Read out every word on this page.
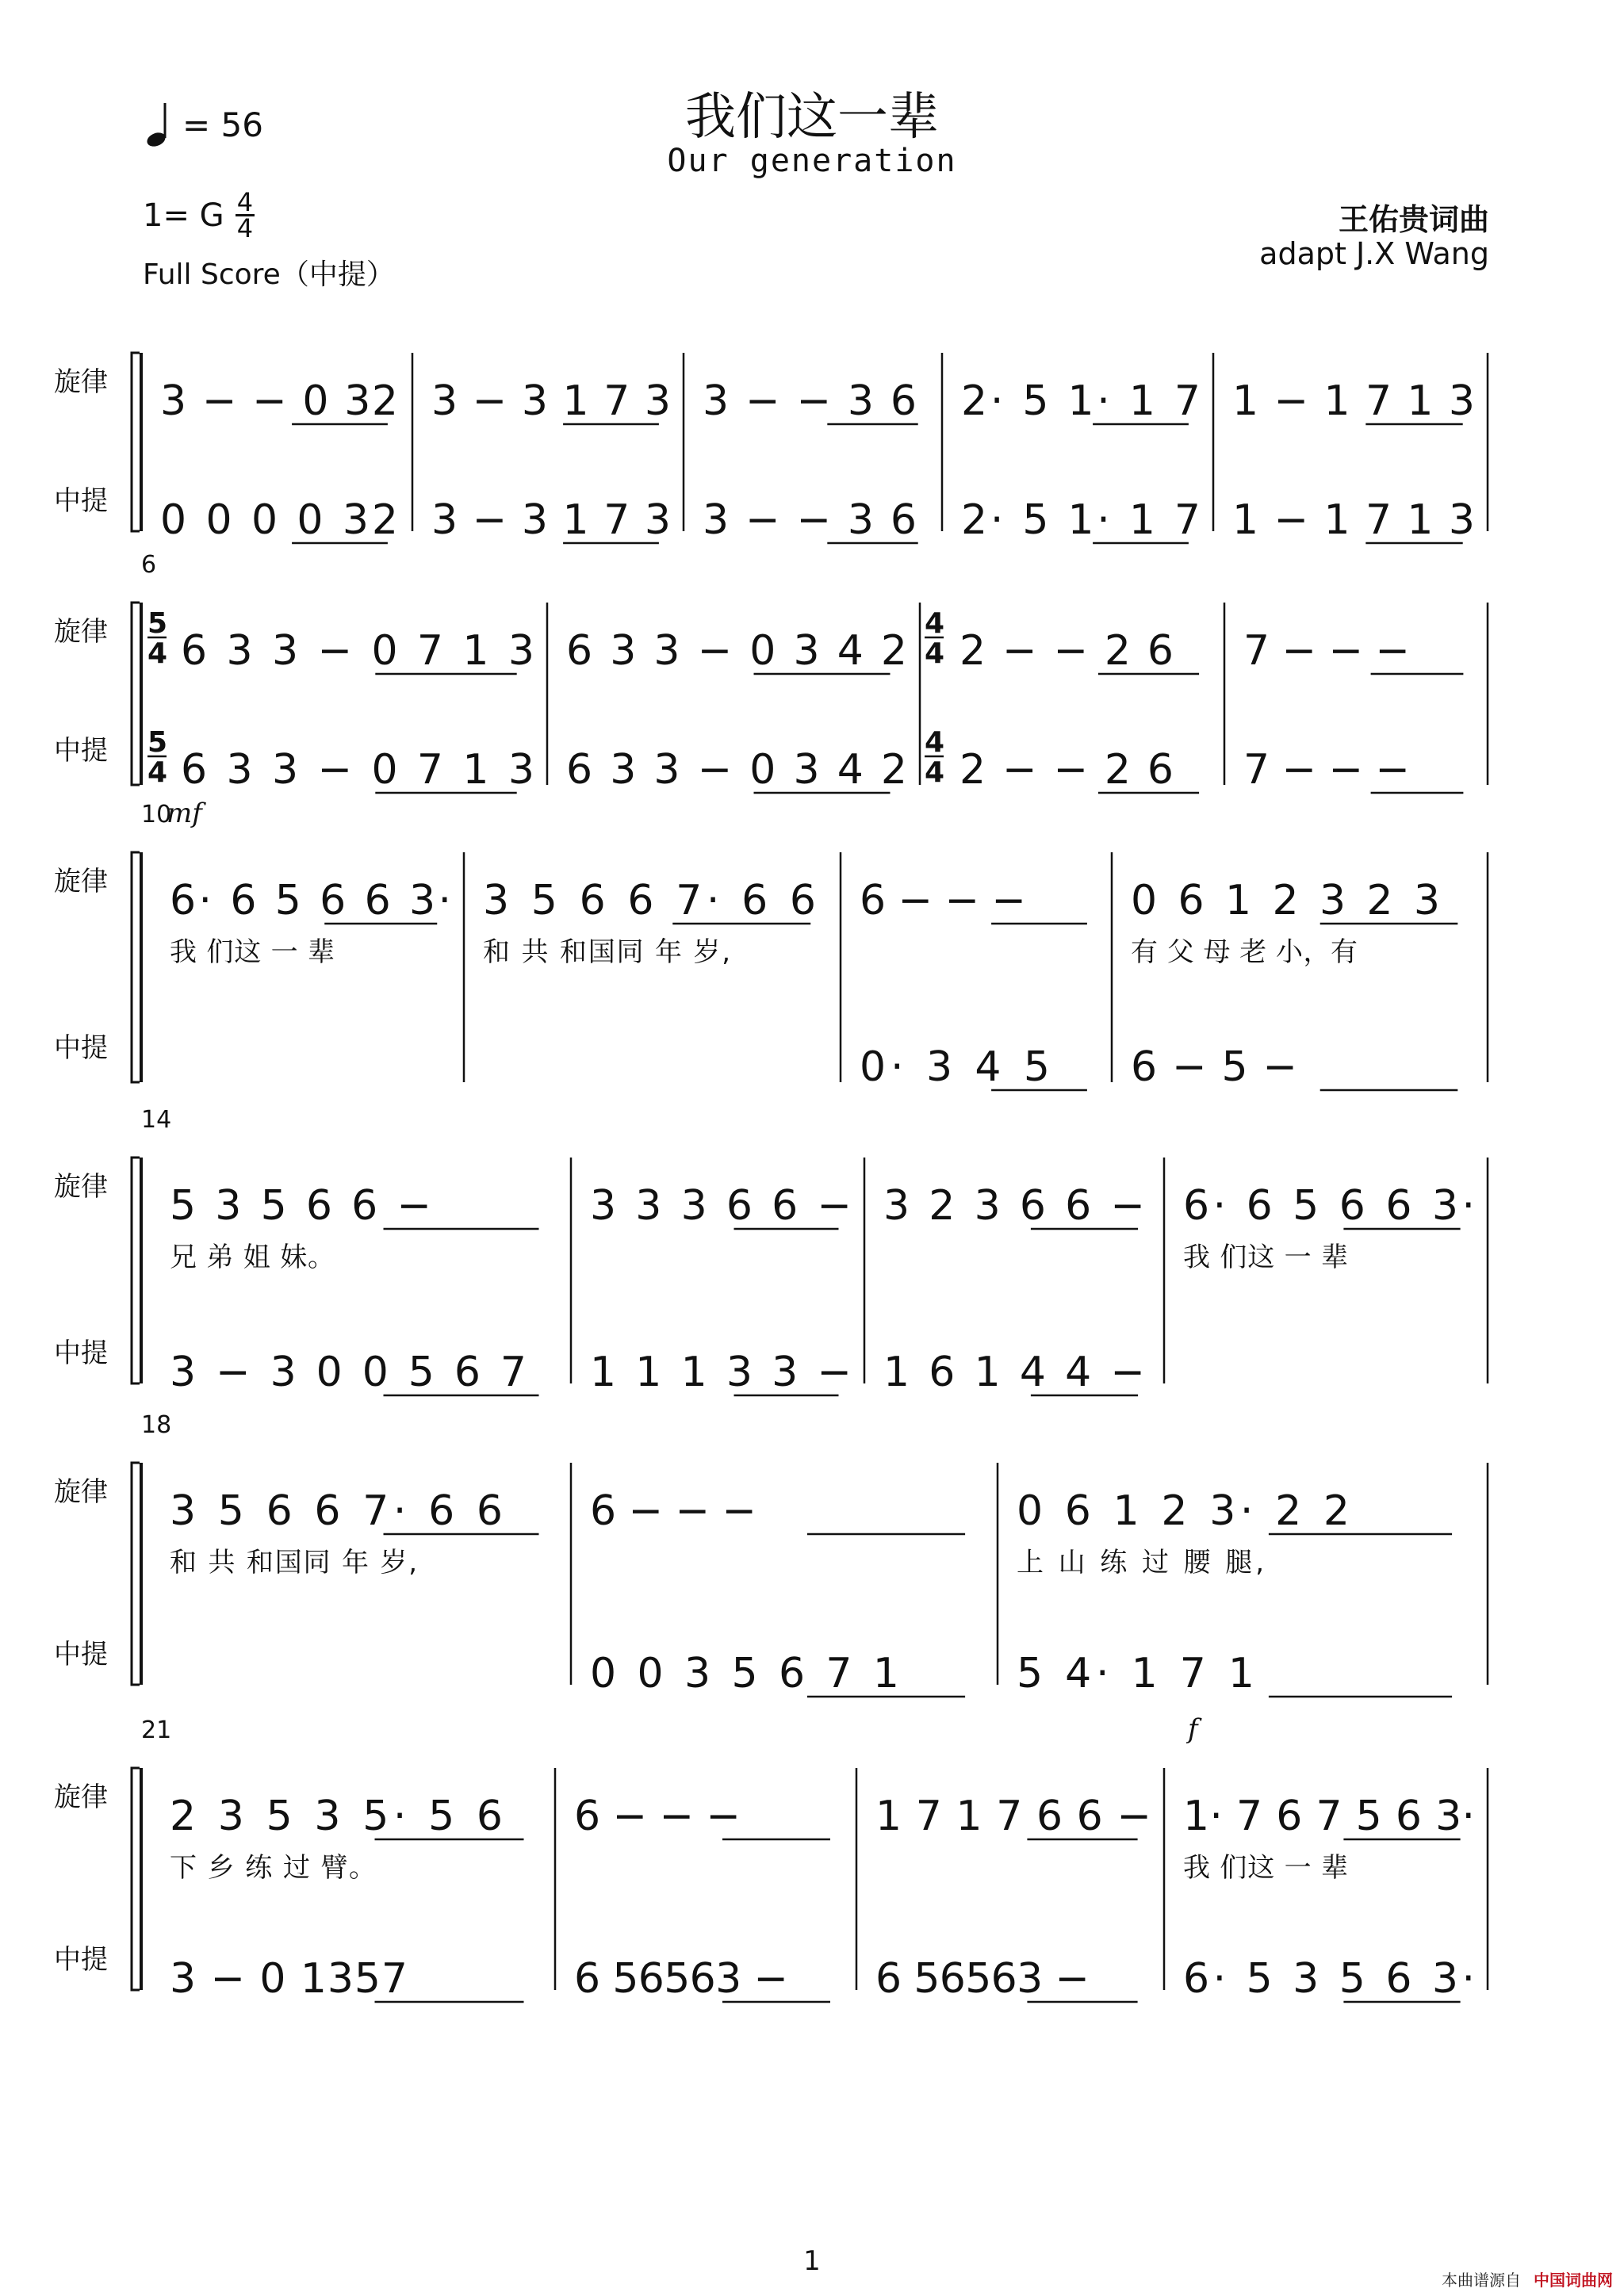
我们这一辈
Our generation
= 56
1= G $\frac{4}{4}$
Full Score（中提）
王佑贵词曲
adapt J.X Wang
旋律
中提
3 − − 0 32
0 0 0 0 32
3 − 3 1 7 3
3 − 3 1 7 3
3 − − 3 6
3 − − 3 6
2· 5 1· 1 7
2· 5 1· 1 7
1 − 1 7 1 3
1 − 1 7 1 3
旋律
中提
6
5
4
5
4
4
4
4
4
6 3 3 − 0 7 1 3
6 3 3 − 0 7 1 3
6 3 3 − 0 3 4 2
6 3 3 − 0 3 4 2
2 − − 2 6
2 − − 2 6
7 − − −
7 − − −
旋律
中提
10
mf
6· 6 5 6 6 3·
我 们这 一 辈
3 5 6 6 7· 6 6
和 共 和国同 年 岁,
6 − − −
0· 3 4 5
0 6 1 2 3 2 3
6 − 5 −
有 父 母 老 小，有
旋律
中提
14
5 3 5 6 6 −
3 − 3 0 0 5 6 7
兄 弟 姐 妹。
3 3 3 6 6 −
1 1 1 3 3 −
3 2 3 6 6 −
1 6 1 4 4 −
6· 6 5 6 6 3·
我 们这 一 辈
旋律
中提
18
3 5 6 6 7· 6 6
和 共 和国同 年 岁,
6 − − −
0 0 3 5 6 7 1
0 6 1 2 3· 2 2
5 4· 1 7 1
上 山 练 过 腰 腿,
旋律
中提
21	f
2 3 5 3 5· 5 6
3 − 0 1357
下 乡 练 过 臂。
6 − − −
6 56563 −
1 7 1 7 6 6 −
6 56563 −
1· 7 6 7 5 6 3·
6· 5 3 5 6 3·
我 们这 一 辈
1
本曲谱源自 中国词曲网
